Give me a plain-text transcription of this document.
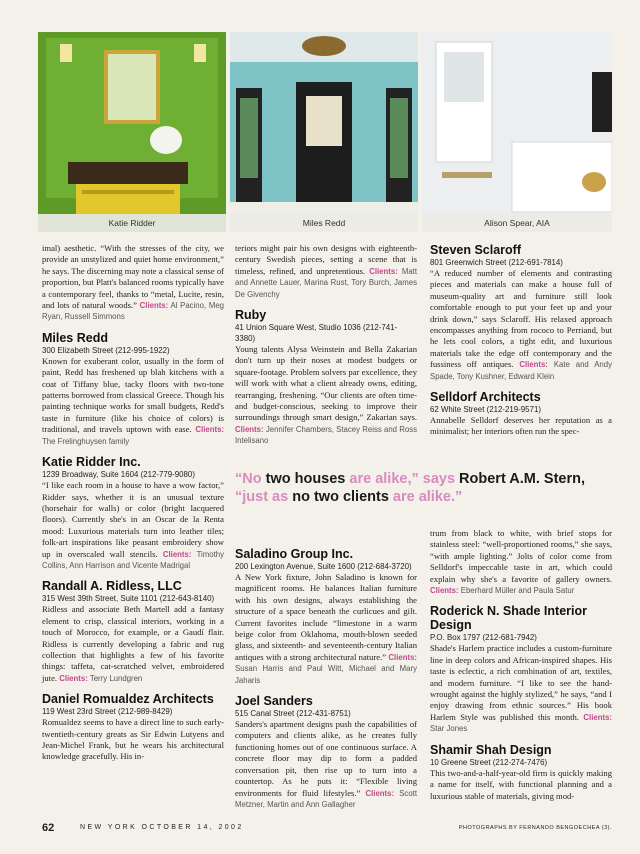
Katie Ridder	Miles Redd	Alison Spear, AIA

imal) aesthetic. “With the stresses of the city, we provide an unstylized and quiet home environment,” he says. The discerning may note a classical sense of proportion, but Platt's balanced rooms typically have a contemporary feel, thanks to “metal, Lucite, resin, and lots of natural woods.” Clients: Al Pacino, Meg Ryan, Russell Simmons

Miles Redd
300 Elizabeth Street (212-995-1922)

Known for exuberant color, usually in the form of paint, Redd has freshened up blah kitchens with a coat of Tiffany blue, tacky floors with two-tone patterns borrowed from classical Greece. Though his painting technique works for small budgets, Redd's taste in furniture (like his choice of colors) is traditional, and travels uptown with ease. Clients: The Frelinghuysen family

Katie Ridder Inc.
1239 Broadway, Suite 1604 (212-779-9080)

“I like each room in a house to have a wow factor,” Ridder says, whether it is an unusual texture (horsehair for walls) or color (bright lacquered floors). Currently she's in an Oscar de la Renta mood: Luxurious materials turn into leather tiles; folk-art inspirations like peasant embroidery show up in overscaled wall stencils. Clients: Timothy Collins, Ann Harrison and Vicente Madrigal

Randall A. Ridless, LLC
315 West 39th Street, Suite 1101 (212-643-8140)

Ridless and associate Beth Martell add a fantasy element to crisp, classical interiors, working in a touch of Morocco, for example, or a Gaudí flair. Ridless is currently developing a fabric and rug collection that highlights a few of his favorite things: taffeta, cat-scratched velvet, embroidered jute. Clients: Terry Lundgren

Daniel Romualdez Architects
119 West 23rd Street (212-989-8429)

Romualdez seems to have a direct line to such early-twentieth-century greats as Sir Edwin Lutyens and Jean-Michel Frank, but he wears his architectural knowledge gracefully. His in-

teriors might pair his own designs with eighteenth-century Swedish pieces, setting a scene that is timeless, refined, and unpretentious. Clients: Matt and Annette Lauer, Marina Rust, Tory Burch, James De Givenchy

Ruby
41 Union Square West, Studio 1036 (212-741-3380)

Young talents Alysa Weinstein and Bella Zakarian don't turn up their noses at modest budgets or square-footage. Problem solvers par excellence, they will work with what a client already owns, editing, rearranging, freshening. “Our clients are often time- and budget-conscious, seeking to improve their surroundings through smart design,” Zakarian says. Clients: Jennifer Chambers, Stacey Reiss and Ross Intelisano

“No two houses are alike,” says Robert A.M. Stern, “just as no two clients are alike.”
Saladino Group Inc.
200 Lexington Avenue, Suite 1600 (212-684-3720)

A New York fixture, John Saladino is known for magnificent rooms. He balances Italian furniture with his own designs, always establishing the structure of a space beneath the curlicues and gilt. Current favorites include “limestone in a warm beige color from Oklahoma, mouth-blown seeded glass, and sixteenth- and seventeenth-century Italian antiques with a strong architectural nature.” Clients: Susan Harris and Paul Witt, Michael and Mary Jaharis

Joel Sanders
515 Canal Street (212-431-8751)

Sanders's apartment designs push the capabilities of computers and clients alike, as he creates fully functioning homes out of one continuous surface. A concrete floor may dip to form a padded conversation pit, then rise up to turn into a countertop. As he puts it: “Flexible living environments for fluid lifestyles.” Clients: Scott Metzner, Martin and Ann Gallagher

Steven Sclaroff
801 Greenwich Street (212-691-7814)

“A reduced number of elements and contrasting pieces and materials can make a house full of museum-quality art and furniture still look comfortable enough to put your feet up and your drink down,” says Sclaroff. His relaxed approach encompasses anything from rococo to Perriand, but he lets cool colors, a tight edit, and luxurious materials take the edge off contemporary and the fussiness off antiques. Clients: Kate and Andy Spade, Tony Kushner, Edward Klein

Selldorf Architects
62 White Street (212-219-9571)

Annabelle Selldorf deserves her reputation as a minimalist; her interiors often run the spec-

trum from black to white, with brief stops for stainless steel: “well-proportioned rooms,” she says, “with ample lighting.” Jolts of color come from Selldorf's impeccable taste in art, which could explain why she's a favorite of gallery owners. Clients: Eberhard Müller and Paula Satur

Roderick N. Shade Interior Design
P.O. Box 1797 (212-681-7942)

Shade's Harlem practice includes a custom-furniture line in deep colors and African-inspired shapes. His taste is eclectic, a rich combination of art, textiles, and modern furniture. “I like to see the hand-wrought against the highly stylized,” he says, “and I enjoy drawing from ethnic sources.” His book Harlem Style was published this month. Clients: Star Jones

Shamir Shah Design
10 Greene Street (212-274-7476)

This two-and-a-half-year-old firm is quickly making a name for itself, with functional planning and a luxurious stable of materials, giving mod-

62	NEW YORK OCTOBER 14, 2002	PHOTOGRAPHS BY FERNANDO BENGOECHEA (3).
